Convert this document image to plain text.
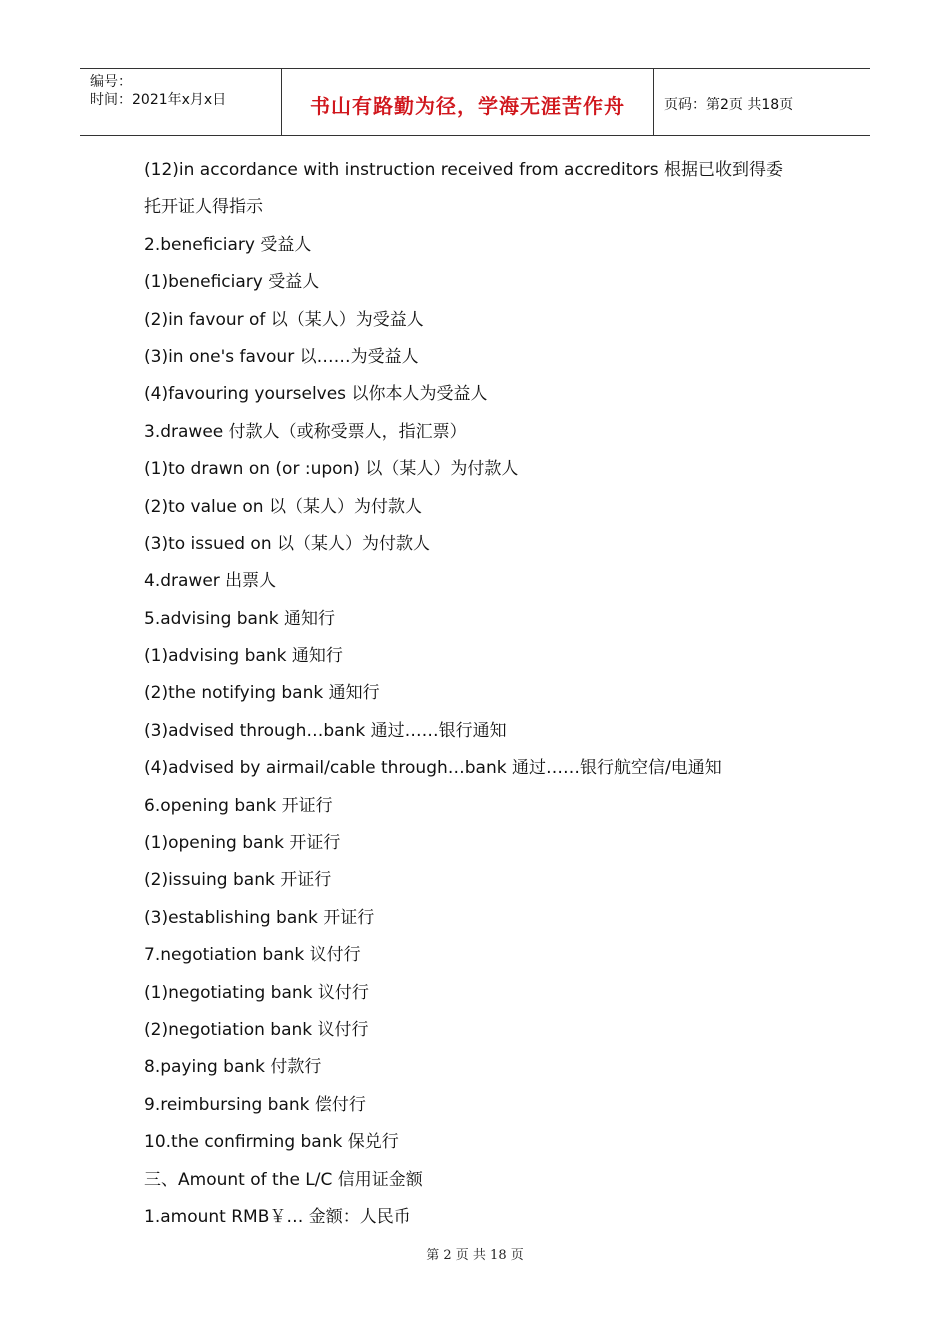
编号：
时间：2021年x月x日	书山有路勤为径，学海无涯苦作舟	页码：第2页 共18页
(12)in accordance with instruction received from accreditors 根据已收到得委
托开证人得指示
2.beneficiary 受益人
(1)beneficiary 受益人
(2)in favour of 以（某人）为受益人
(3)in one's favour 以……为受益人
(4)favouring yourselves 以你本人为受益人
3.drawee 付款人（或称受票人，指汇票）
(1)to drawn on (or :upon) 以（某人）为付款人
(2)to value on 以（某人）为付款人
(3)to issued on 以（某人）为付款人
4.drawer 出票人
5.advising bank 通知行
(1)advising bank 通知行
(2)the notifying bank 通知行
(3)advised through…bank 通过……银行通知
(4)advised by airmail/cable through…bank 通过……银行航空信/电通知
6.opening bank 开证行
(1)opening bank 开证行
(2)issuing bank 开证行
(3)establishing bank 开证行
7.negotiation bank 议付行
(1)negotiating bank 议付行
(2)negotiation bank 议付行
8.paying bank 付款行
9.reimbursing bank 偿付行
10.the confirming bank 保兑行
三、Amount of the L/C 信用证金额
1.amount RMB￥… 金额：人民币
第 2 页 共 18 页
